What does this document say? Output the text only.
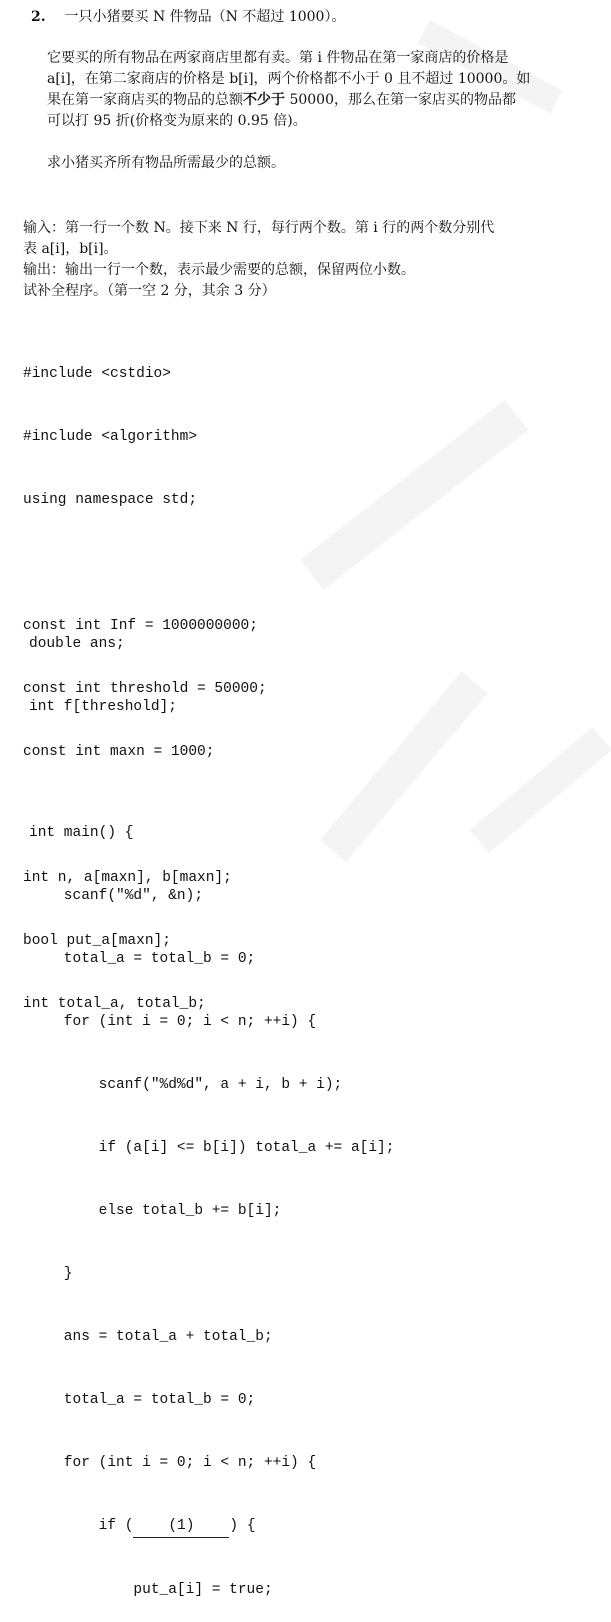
2. 一只小猪要买 N 件物品（N 不超过 1000）。
它要买的所有物品在两家商店里都有卖。第 i 件物品在第一家商店的价格是
a[i]，在第二家商店的价格是 b[i]，两个价格都不小于 0 且不超过 10000。如
果在第一家商店买的物品的总额不少于 50000，那么在第一家店买的物品都
可以打 95 折(价格变为原来的 0.95 倍)。
求小猪买齐所有物品所需最少的总额。
输入：第一行一个数 N。接下来 N 行，每行两个数。第 i 行的两个数分别代
表 a[i]，b[i]。
输出：输出一行一个数，表示最少需要的总额，保留两位小数。
试补全程序。（第一空 2 分，其余 3 分）

#include <cstdio>

#include <algorithm>

using namespace std;

const int Inf = 1000000000;

const int threshold = 50000;

const int maxn = 1000;

int n, a[maxn], b[maxn];

bool put_a[maxn];

int total_a, total_b;

double ans;

int f[threshold];

int main() {

scanf("%d", &n);

total_a = total_b = 0;

for (int i = 0; i < n; ++i) {

scanf("%d%d", a + i, b + i);

if (a[i] <= b[i]) total_a += a[i];

else total_b += b[i];

}

ans = total_a + total_b;

total_a = total_b = 0;

for (int i = 0; i < n; ++i) {

if ( (1) ) {

put_a[i] = true;
